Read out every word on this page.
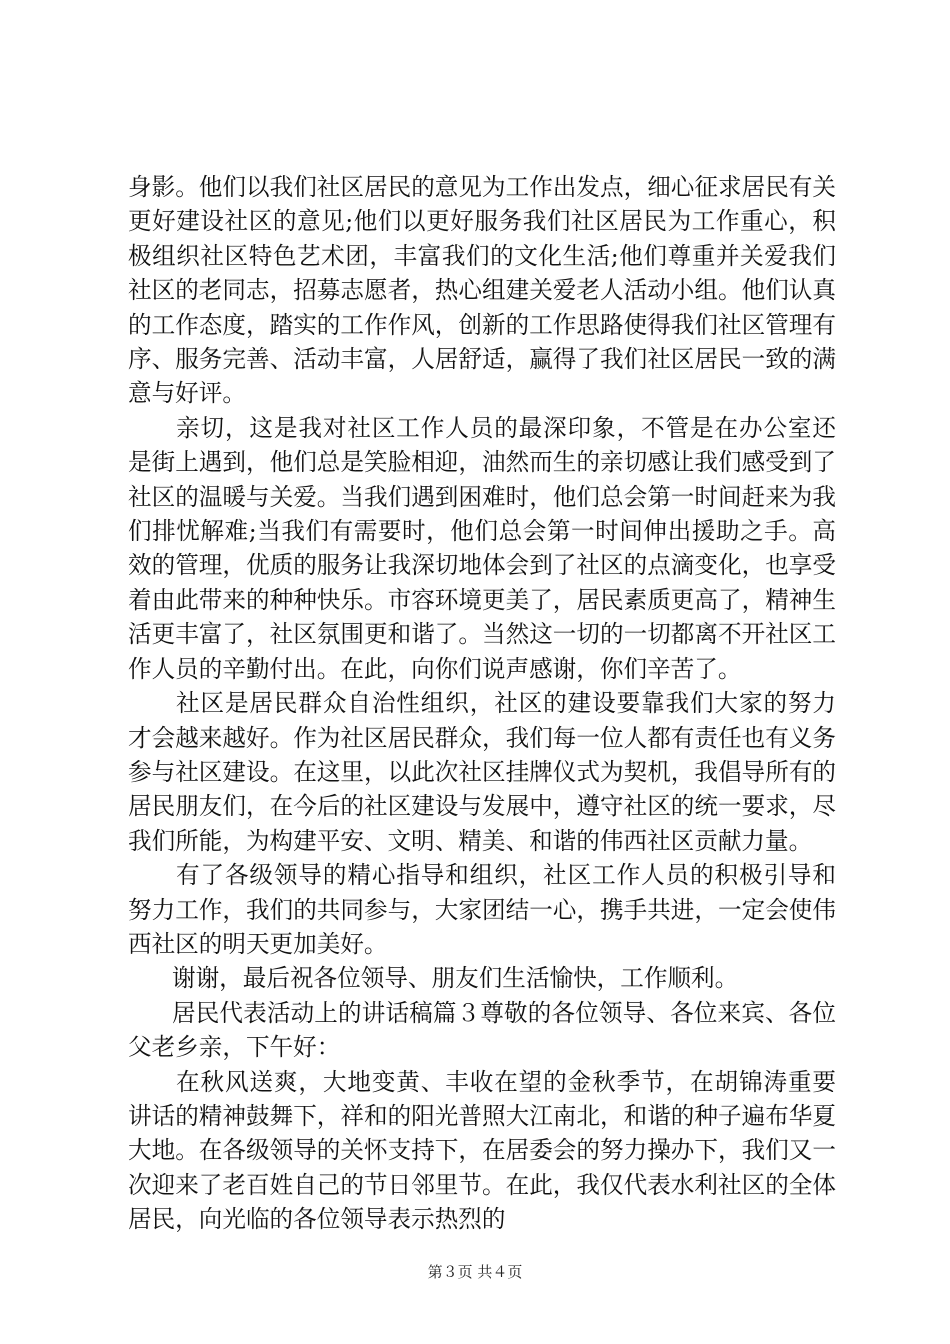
身影。他们以我们社区居民的意见为工作出发点，细心征求居民有关更好建设社区的意见;他们以更好服务我们社区居民为工作重心，积极组织社区特色艺术团，丰富我们的文化生活;他们尊重并关爱我们社区的老同志，招募志愿者，热心组建关爱老人活动小组。他们认真的工作态度，踏实的工作作风，创新的工作思路使得我们社区管理有序、服务完善、活动丰富，人居舒适，赢得了我们社区居民一致的满意与好评。

亲切，这是我对社区工作人员的最深印象，不管是在办公室还是街上遇到，他们总是笑脸相迎，油然而生的亲切感让我们感受到了社区的温暖与关爱。当我们遇到困难时，他们总会第一时间赶来为我们排忧解难;当我们有需要时，他们总会第一时间伸出援助之手。高效的管理，优质的服务让我深切地体会到了社区的点滴变化，也享受着由此带来的种种快乐。市容环境更美了，居民素质更高了，精神生活更丰富了，社区氛围更和谐了。当然这一切的一切都离不开社区工作人员的辛勤付出。在此，向你们说声感谢，你们辛苦了。

社区是居民群众自治性组织，社区的建设要靠我们大家的努力才会越来越好。作为社区居民群众，我们每一位人都有责任也有义务参与社区建设。在这里，以此次社区挂牌仪式为契机，我倡导所有的居民朋友们，在今后的社区建设与发展中，遵守社区的统一要求，尽我们所能，为构建平安、文明、精美、和谐的伟西社区贡献力量。

有了各级领导的精心指导和组织，社区工作人员的积极引导和努力工作，我们的共同参与，大家团结一心，携手共进，一定会使伟西社区的明天更加美好。

谢谢，最后祝各位领导、朋友们生活愉快，工作顺利。

居民代表活动上的讲话稿篇３尊敬的各位领导、各位来宾、各位父老乡亲，下午好：

在秋风送爽，大地变黄、丰收在望的金秋季节，在胡锦涛重要讲话的精神鼓舞下，祥和的阳光普照大江南北，和谐的种子遍布华夏大地。在各级领导的关怀支持下，在居委会的努力操办下，我们又一次迎来了老百姓自己的节日邻里节。在此，我仅代表水利社区的全体居民，向光临的各位领导表示热烈的

第３页 共４页
